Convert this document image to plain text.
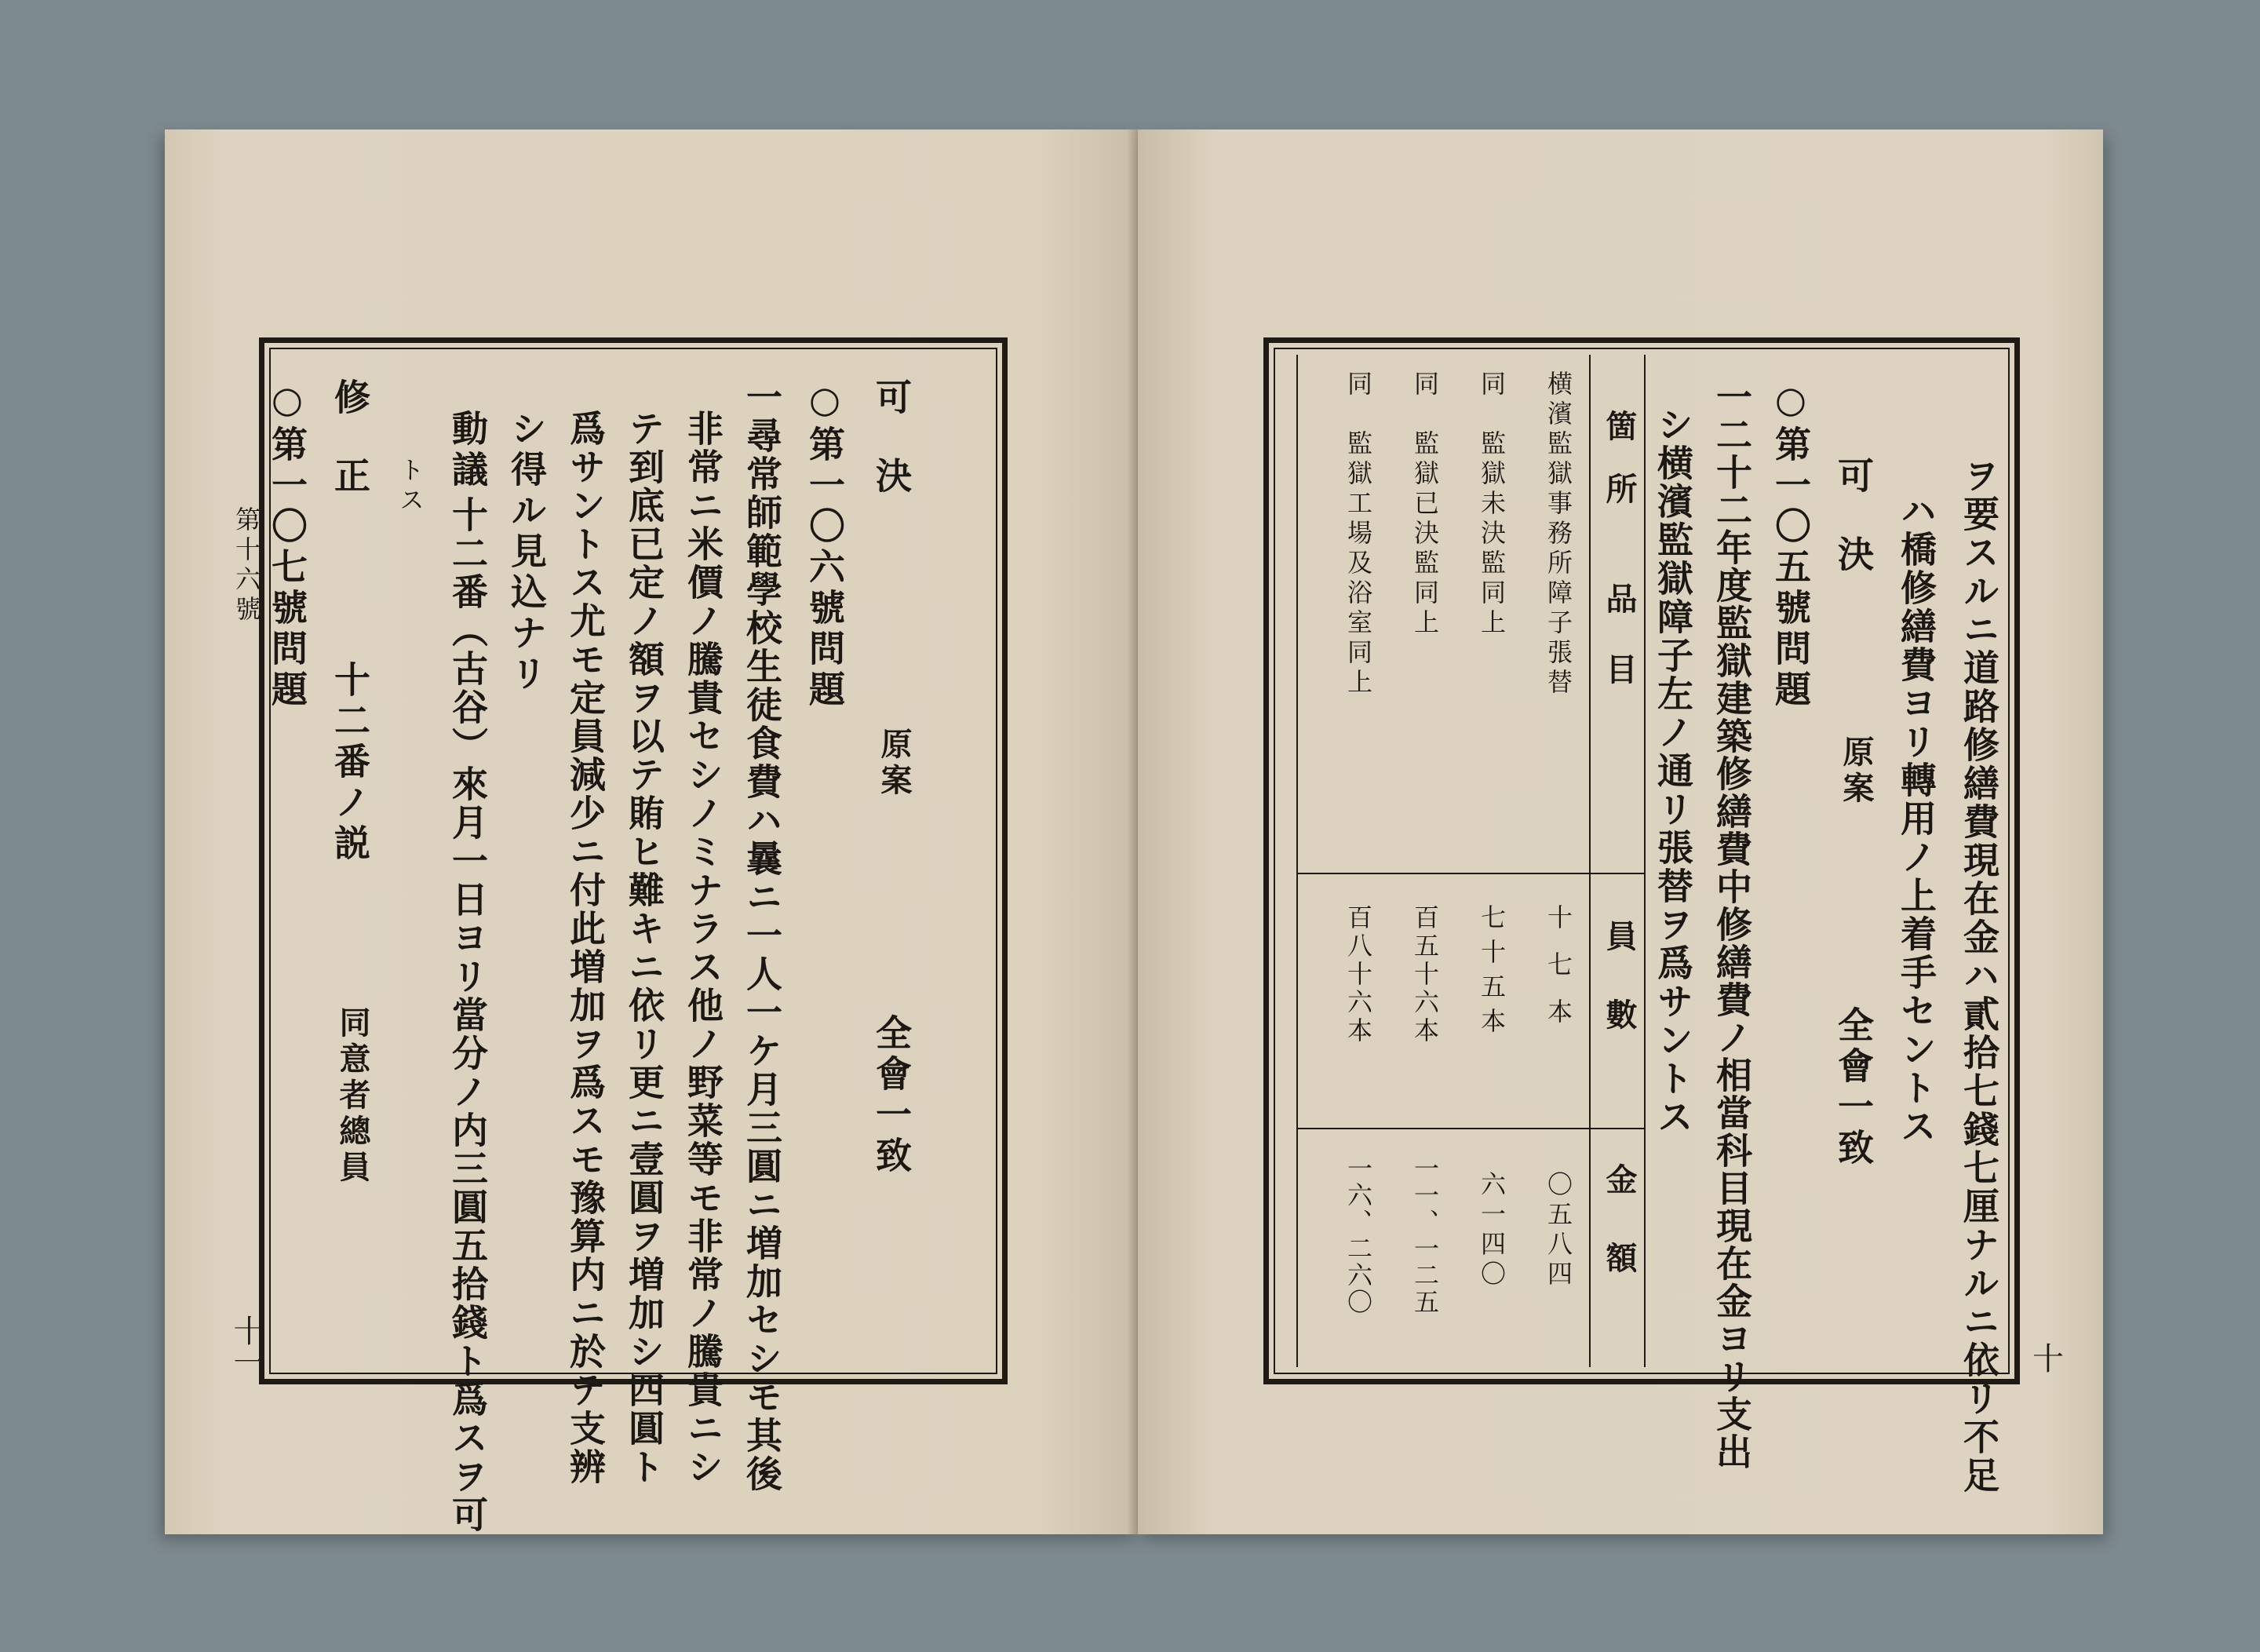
第十六號
十一
可
決
原案
全會一致
○第一〇六號問題
一尋常師範學校生徒食費ハ曩ニ一人一ケ月三圓ニ増加セシモ其後
非常ニ米價ノ騰貴セシノミナラス他ノ野菜等モ非常ノ騰貴ニシ
テ到底已定ノ額ヲ以テ賄ヒ難キニ依リ更ニ壹圓ヲ増加シ四圓ト
爲サントス尤モ定員減少ニ付此増加ヲ爲スモ豫算内ニ於テ支辨
シ得ル見込ナリ
動議
十二番（古谷）來月一日ヨリ當分ノ内三圓五拾錢ト爲スヲ可
トス
修
正
十二番ノ説
同意者總員
○第一〇七號問題	ヲ要スルニ道路修繕費現在金ハ貳拾七錢七厘ナルニ依リ不足
ハ橋修繕費ヨリ轉用ノ上着手セントス
可
決
原案
全會一致
○第一〇五號問題
一二十二年度監獄建築修繕費中修繕費ノ相當科目現在金ヨリ支出
シ横濱監獄障子左ノ通リ張替ヲ爲サントス
箇所
品目
員數
金額
横濱監獄事務所障子張替
十七本
〇五八四
同　監獄未決監同上
七十五本
六一四〇
同　監獄已決監同上
百五十六本
一一、一二五
同　監獄工場及浴室同上
百八十六本
一六、二六〇
十
